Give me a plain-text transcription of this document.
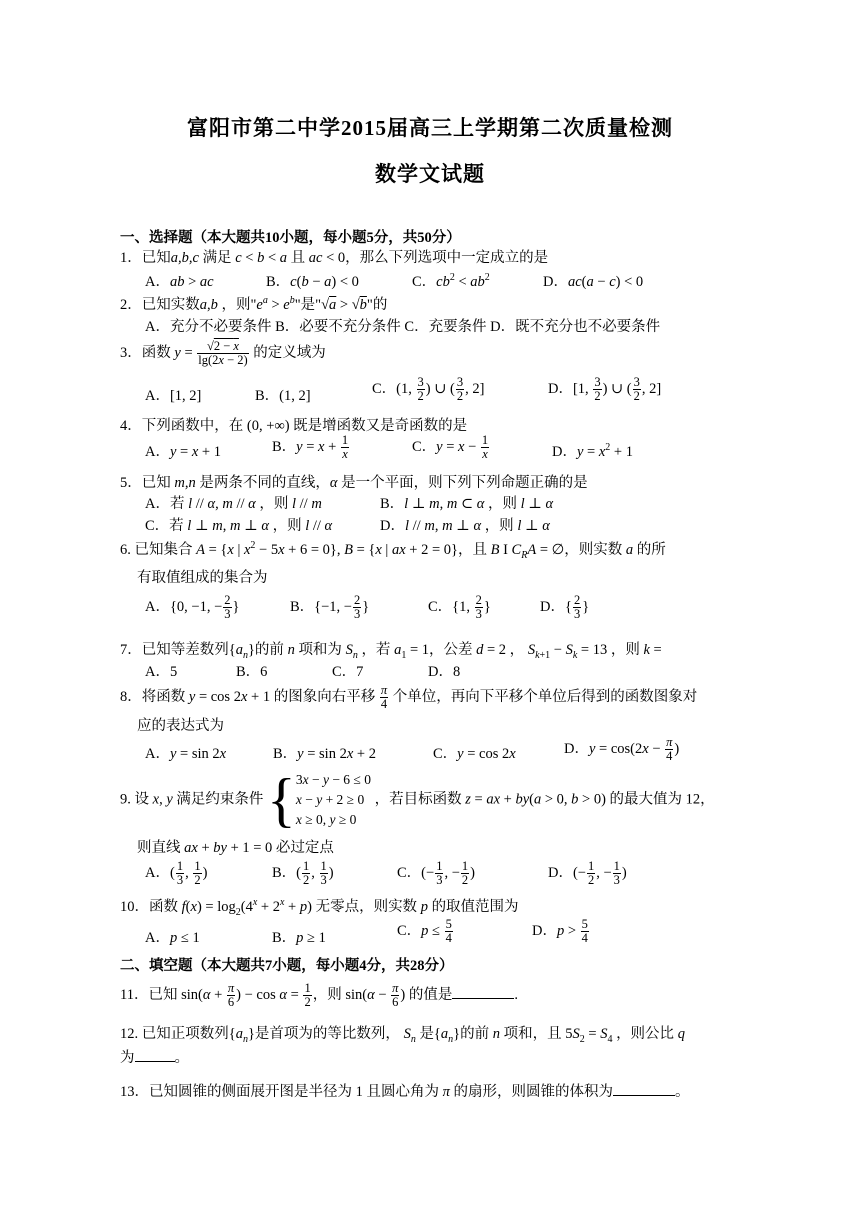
富阳市第二中学2015届高三上学期第二次质量检测
数学文试题
一、选择题（本大题共10小题，每小题5分，共50分）
1．已知a,b,c 满足 c < b < a 且 ac < 0，那么下列选项中一定成立的是
A．ab > ac	B．c(b − a) < 0	C．$cb^2 < ab^2$	D．ac(a − c) < 0
2．已知实数a,b ，则"$e^a > e^b$"是"√a > √b"的
A．充分不必要条件 B．必要不充分条件 C．充要条件 D．既不充分也不必要条件
3．函数 $y = \frac{√2 - x}{\lg(2x - 2)}$ 的定义域为
A．[1, 2]	B．(1, 2]	C．(1, $\frac{3}{2}$ ) ∪ ( $\frac{3}{2}$ , 2]	D．[1, $\frac{3}{2}$ ) ∪ ( $\frac{3}{2}$ , 2]
4．下列函数中，在 (0, +∞) 既是增函数又是奇函数的是
A．y = x + 1	B．$y = x + \frac{1}{x}$	C．$y = x - \frac{1}{x}$	D．$y = x^2 + 1$
5．已知 m,n 是两条不同的直线，α 是一个平面，则下列下列命题正确的是
A．若 l // α, m // α ，则 l // m	B．l ⊥ m, m ⊂ α ，则 l ⊥ α
C．若 l ⊥ m, m ⊥ α ，则 l // α	D．l // m, m ⊥ α ，则 l ⊥ α
6. 已知集合 A = {x | $x^2 - 5x + 6 = 0$}, B = {x | ax + 2 = 0}，且 B I $C_RA$ = ∅，则实数 a 的所
有取值组成的集合为
A．{0, −1, − $\frac{2}{3}$ }	B．{−1, − $\frac{2}{3}$ }	C．{1, $\frac{2}{3}$ }	D．{ $\frac{2}{3}$ }
7．已知等差数列$\{a_n\}$的前 n 项和为 $S_n$ ，若 $a_1 = 1$，公差 d = 2 ， $S_{k+1} - S_k = 13$ ，则 k =
A．5	B．6	C．7	D．8
8．将函数 y = cos 2x + 1 的图象向右平移 $\frac{\pi}{4}$ 个单位，再向下平移个单位后得到的函数图象对
应的表达式为
A．y = sin 2x	B．y = sin 2x + 2	C．y = cos 2x	D．$y = \cos(2x - \frac{\pi}{4}$ )
9. 设 x, y 满足约束条件 {3x − y − 6 ≤ 0
x − y + 2 ≥ 0
x ≥ 0, y ≥ 0 ，若目标函数 z = ax + by(a > 0, b > 0) 的最大值为 12，
则直线 ax + by + 1 = 0 必过定点
A．( $\frac{1}{3}$ , $\frac{1}{2}$ )	B．( $\frac{1}{2}$ , $\frac{1}{3}$ )	C．(− $\frac{1}{3}$ , − $\frac{1}{2}$ )	D．(− $\frac{1}{2}$ , − $\frac{1}{3}$ )
10．函数 $f(x) = \log_2(4^x + 2^x + p)$ 无零点，则实数 p 的取值范围为
A．p ≤ 1	B．p ≥ 1	C．$p \le \frac{5}{4}$	D．$p > \frac{5}{4}$
二、填空题（本大题共7小题，每小题4分，共28分）
11．已知 $\sin(\alpha + \frac{\pi}{6}$ ) − $\cos \alpha = \frac{1}{2}$ ，则 $\sin(\alpha - \frac{\pi}{6}$ ) 的值是	.
12. 已知正项数列$\{a_n\}$是首项为的等比数列， $S_n$ 是$\{a_n\}$的前 n 项和，且 $5S_2 = S_4$ ，则公比 q
为	。
13．已知圆锥的侧面展开图是半径为 1 且圆心角为 π 的扇形，则圆锥的体积为	。
